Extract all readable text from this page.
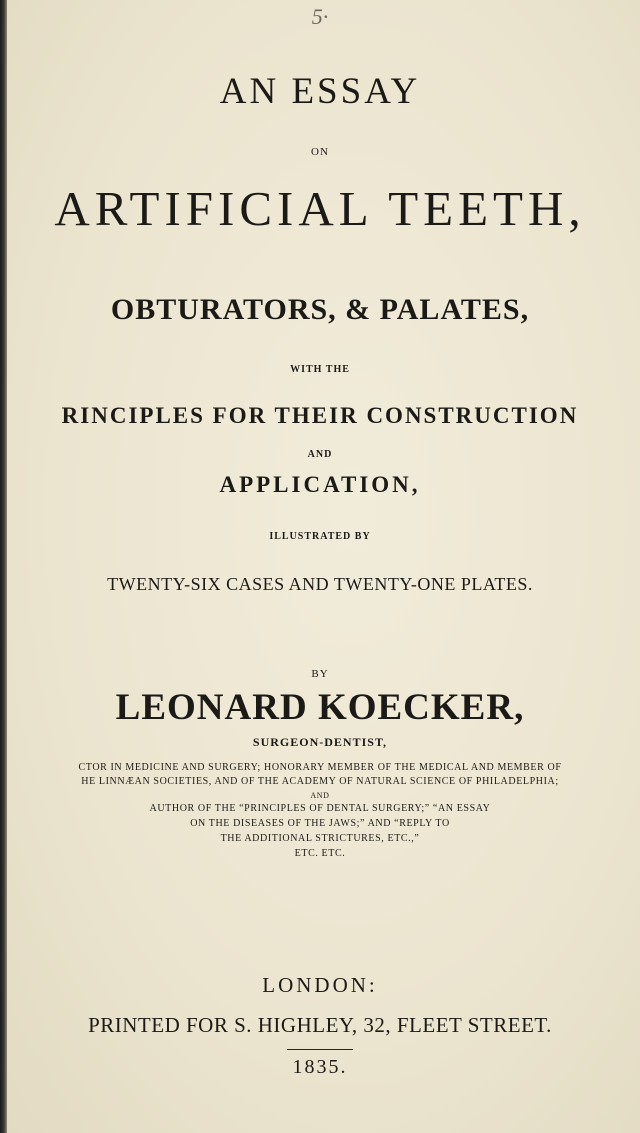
5·

AN ESSAY

ON

ARTIFICIAL TEETH,
OBTURATORS, & PALATES,

WITH THE

RINCIPLES FOR THEIR CONSTRUCTION

AND

APPLICATION,

ILLUSTRATED BY

TWENTY-SIX CASES AND TWENTY-ONE PLATES.

BY

LEONARD KOECKER,

SURGEON-DENTIST,

CTOR IN MEDICINE AND SURGERY; HONORARY MEMBER OF THE MEDICAL AND MEMBER OF

HE LINNÆAN SOCIETIES, AND OF THE ACADEMY OF NATURAL SCIENCE OF PHILADELPHIA;

AND

AUTHOR OF THE “PRINCIPLES OF DENTAL SURGERY;” “AN ESSAY

ON THE DISEASES OF THE JAWS;” AND “REPLY TO

THE ADDITIONAL STRICTURES, ETC.,”

ETC. ETC.

LONDON:

PRINTED FOR S. HIGHLEY, 32, FLEET STREET.

1835.
